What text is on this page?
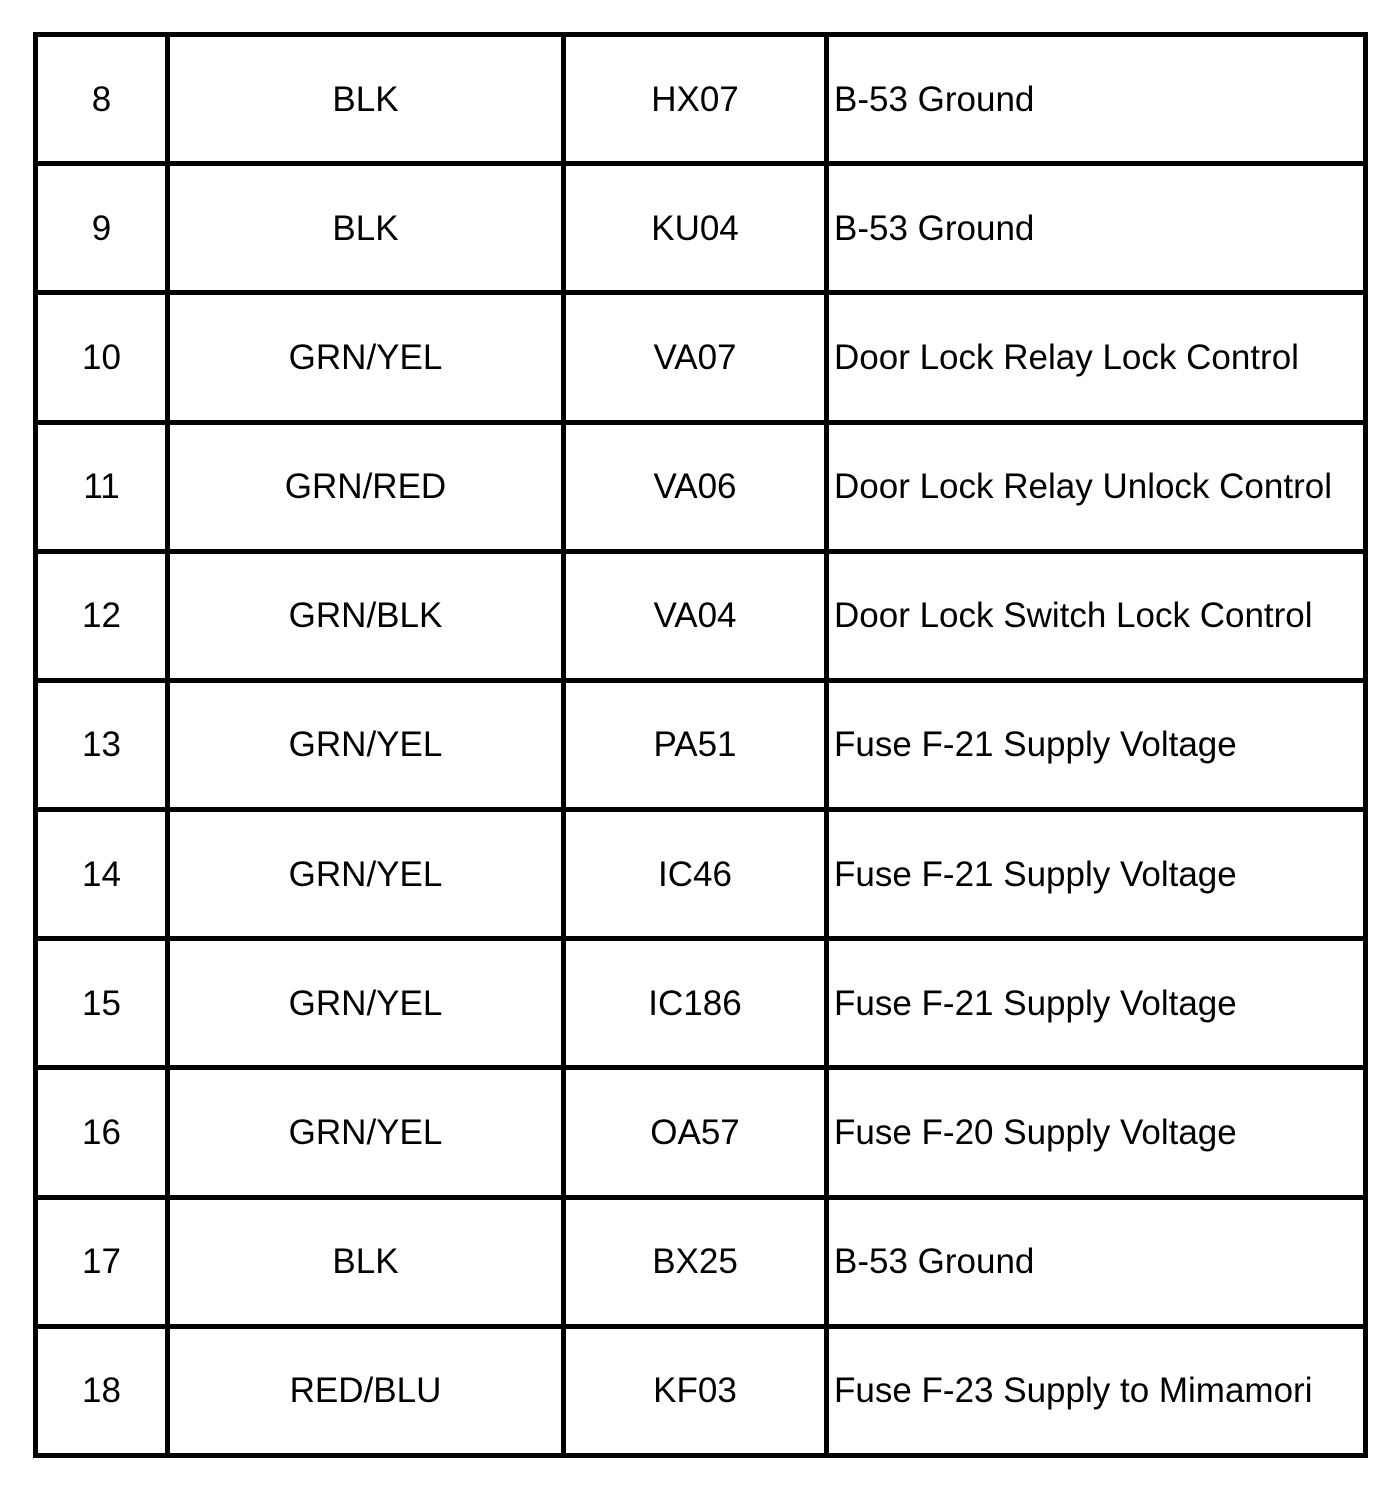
8	BLK	HX07	B-53 Ground
9	BLK	KU04	B-53 Ground
10	GRN/YEL	VA07	Door Lock Relay Lock Control
11	GRN/RED	VA06	Door Lock Relay Unlock Control
12	GRN/BLK	VA04	Door Lock Switch Lock Control
13	GRN/YEL	PA51	Fuse F-21 Supply Voltage
14	GRN/YEL	IC46	Fuse F-21 Supply Voltage
15	GRN/YEL	IC186	Fuse F-21 Supply Voltage
16	GRN/YEL	OA57	Fuse F-20 Supply Voltage
17	BLK	BX25	B-53 Ground
18	RED/BLU	KF03	Fuse F-23 Supply to Mimamori
